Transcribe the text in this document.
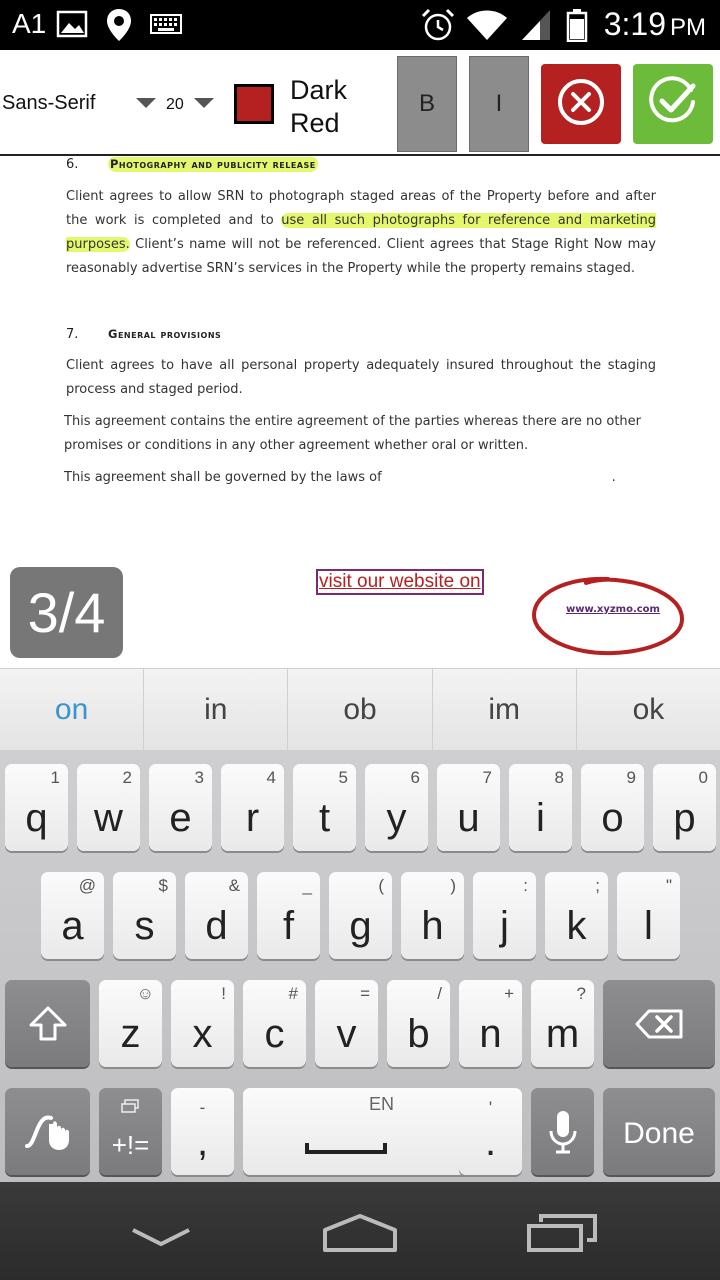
A1	3:19 PM
Sans-Serif	20	Dark
Red
B	I
6.	Photography and publicity release
Client agrees to allow SRN to photograph staged areas of the Property before and after the work is completed and to use all such photographs for reference and marketing purposes. Client’s name will not be referenced. Client agrees that Stage Right Now may reasonably advertise SRN’s services in the Property while the property remains staged.
7.	General provisions
Client agrees to have all personal property adequately insured throughout the staging process and staged period.
This agreement contains the entire agreement of the parties whereas there are no other promises or conditions in any other agreement whether oral or written.
This agreement shall be governed by the laws of	.
visit our website on
www.xyzmo.com
3/4
on	in	ob	im	ok
1
q
2
w
3
e
4
r
5
t
6
y
7
u
8
i
9
o
0
p
@
a
$
s
&
d
_
f
(
g
)
h
:
j
;
k
"
l
☺
z
!
x
#
c
=
v
/
b
+
n
?
m
+!=
-
,
EN	'
.	Done
